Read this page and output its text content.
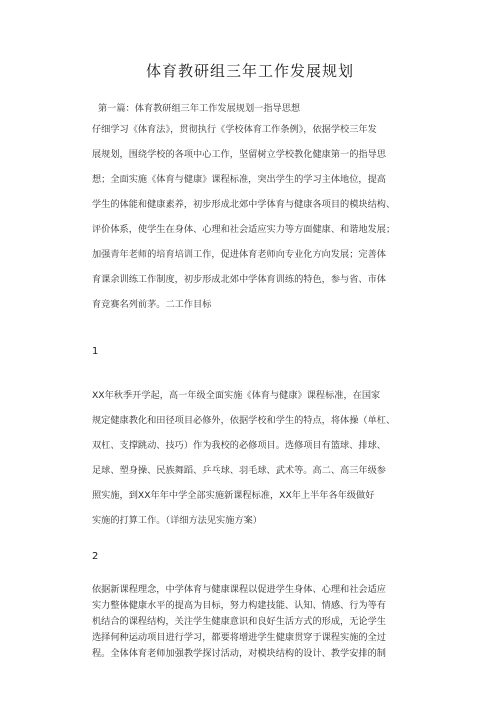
体育教研组三年工作发展规划
第一篇：体育教研组三年工作发展规划一指导思想
仔细学习《体育法》，贯彻执行《学校体育工作条例》，依据学校三年发
展规划，围绕学校的各项中心工作，坚留树立学校教化健康第一的指导思
想；全面实施《体育与健康》课程标准，突出学生的学习主体地位，提高
学生的体能和健康素养，初步形成北郊中学体育与健康各项目的模块结构、
评价体系，使学生在身体、心理和社会适应实力等方面健康、和谐地发展；
加强青年老师的培育培训工作，促进体育老师向专业化方向发展；完善体
育课余训练工作制度，初步形成北郊中学体育训练的特色，参与省、市体
育竞赛名列前茅。二工作目标
1
XX年秋季开学起，高一年级全面实施《体育与健康》课程标准，在国家
规定健康教化和田径项目必修外，依据学校和学生的特点，将体操（单杠、
双杠、支撑跳动、技巧）作为我校的必修项目。选修项目有篮球、排球、
足球、塑身操、民族舞蹈、乒乓球、羽毛球、武术等。高二、高三年级参
照实施，到XX年年中学全部实施新课程标准，XX年上半年各年级做好
实施的打算工作。（详细方法见实施方案）
2
依据新课程理念，中学体育与健康课程以促进学生身体、心理和社会适应
实力整体健康水平的提高为目标，努力构建技能、认知、情感、行为等有
机结合的课程结构，关注学生健康意识和良好生活方式的形成，无论学生
选择何种运动项目进行学习，都要将增进学生健康贯穿于课程实施的全过
程。全体体育老师加强教学探讨活动，对模块结构的设计、教学安排的制
